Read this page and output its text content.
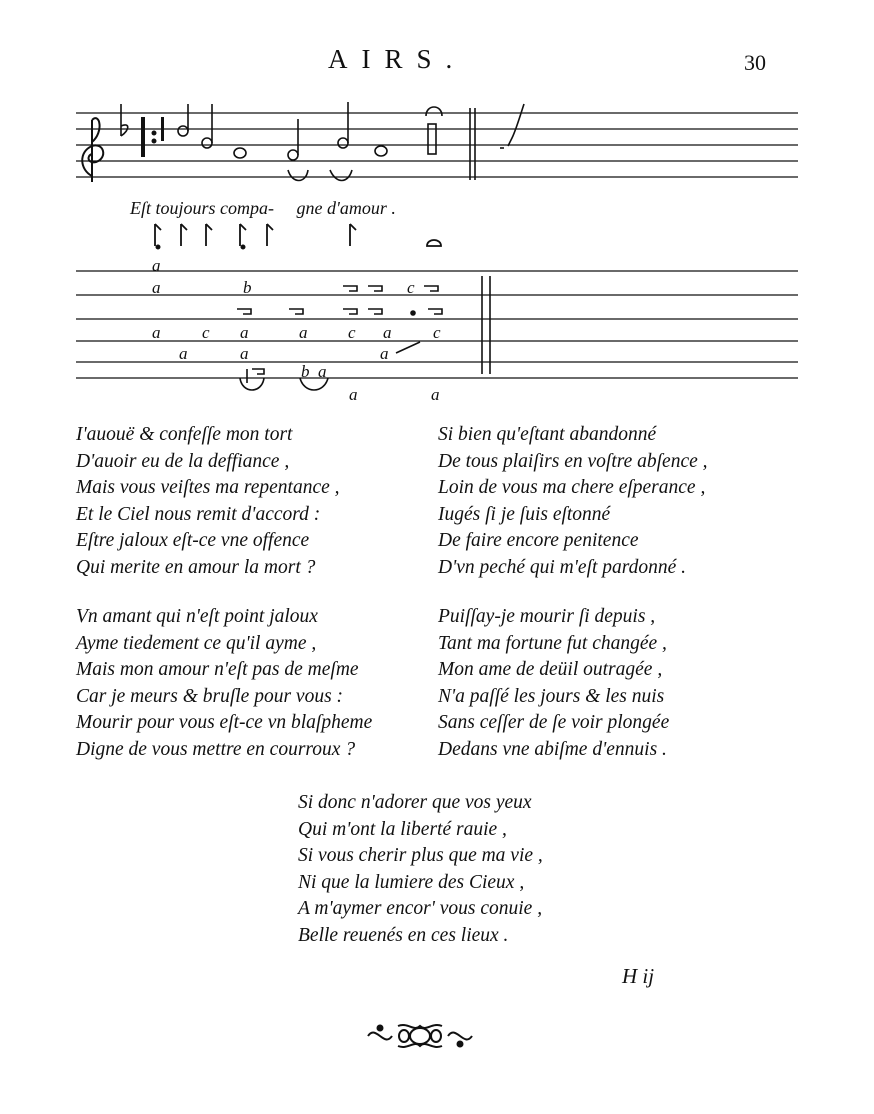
AIRS.	30
a
a	b	c
a c a	a c a c
a	a
b a
a	a
a
Eſt toujours compa-     gne d'amour .
I'auouë & confeſſe mon tort
D'auoir eu de la deffiance ,
Mais vous veiſtes ma repentance ,
Et le Ciel nous remit d'accord :
Eſtre jaloux eſt-ce vne offence
Qui merite en amour la mort ?
Si bien qu'eſtant abandonné
De tous plaiſirs en voſtre abſence ,
Loin de vous ma chere eſperance ,
Iugés ſi je ſuis eſtonné
De faire encore penitence
D'vn peché qui m'eſt pardonné .
Vn amant qui n'eſt point jaloux
Ayme tiedement ce qu'il ayme ,
Mais mon amour n'eſt pas de meſme
Car je meurs & bruſle pour vous :
Mourir pour vous eſt-ce vn blaſpheme
Digne de vous mettre en courroux ?
Puiſſay-je mourir ſi depuis ,
Tant ma fortune fut changée ,
Mon ame de deüil outragée ,
N'a paſſé les jours & les nuis
Sans ceſſer de ſe voir plongée
Dedans vne abiſme d'ennuis .
Si donc n'adorer que vos yeux
Qui m'ont la liberté rauie ,
Si vous cherir plus que ma vie ,
Ni que la lumiere des Cieux ,
A m'aymer encor' vous conuie ,
Belle reuenés en ces lieux .
H ij
